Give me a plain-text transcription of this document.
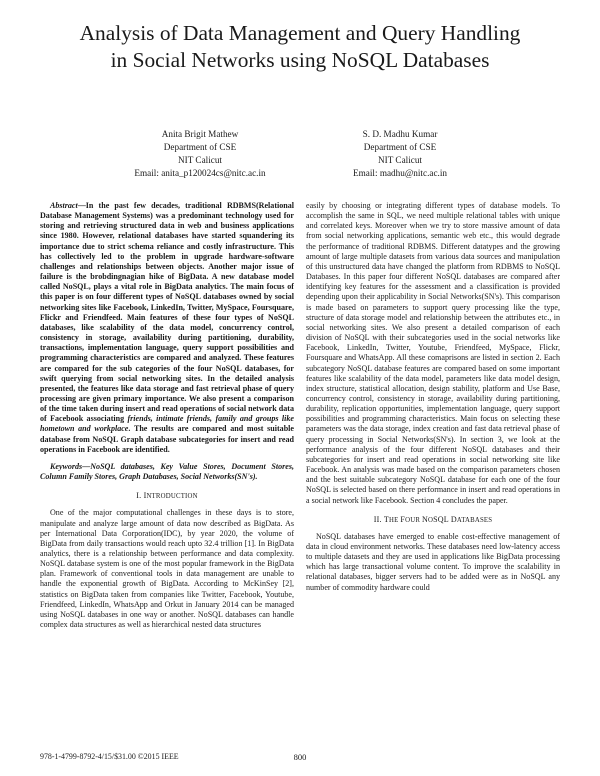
Analysis of Data Management and Query Handling
in Social Networks using NoSQL Databases
Anita Brigit Mathew
Department of CSE
NIT Calicut
Email: anita_p120024cs@nitc.ac.in
S. D. Madhu Kumar
Department of CSE
NIT Calicut
Email: madhu@nitc.ac.in

Abstract—In the past few decades, traditional RDBMS(Relational Database Management Systems) was a predominant technology used for storing and retrieving structured data in web and business applications since 1980. However, relational databases have started squandering its importance due to strict schema reliance and costly infrastructure. This has collectively led to the problem in upgrade hardware-software challenges and relationships between objects. Another major issue of failure is the brobdingnagian hike of BigData. A new database model called NoSQL, plays a vital role in BigData analytics. The main focus of this paper is on four different types of NoSQL databases owned by social networking sites like Facebook, LinkedIn, Twitter, MySpace, Foursquare, Flickr and Friendfeed. Main features of these four types of NoSQL databases, like scalability of the data model, concurrency control, consistency in storage, availability during partitioning, durability, transactions, implementation language, query support possibilities and programming characteristics are compared and analyzed. These features are compared for the sub categories of the four NoSQL databases, for swift querying from social networking sites. In the detailed analysis presented, the features like data storage and fast retrieval phase of query processing are given primary importance. We also present a comparison of the time taken during insert and read operations of social network data of Facebook associating friends, intimate friends, family and groups like hometown and workplace. The results are compared and most suitable database from NoSQL Graph database subcategories for insert and read operations in Facebook are identified.

Keywords—NoSQL databases, Key Value Stores, Document Stores, Column Family Stores, Graph Databases, Social Networks(SN's).

I. INTRODUCTION

One of the major computational challenges in these days is to store, manipulate and analyze large amount of data now described as BigData. As per International Data Corporation(IDC), by year 2020, the volume of BigData from daily transactions would reach upto 32.4 trillion [1]. In BigData analytics, there is a relationship between performance and data complexity. NoSQL database system is one of the most popular framework in the BigData plan. Framework of conventional tools in data management are unable to handle the exponential growth of BigData. According to McKinSey [2], statistics on BigData taken from companies like Twitter, Facebook, Youtube, Friendfeed, LinkedIn, WhatsApp and Orkut in January 2014 can be managed using NoSQL databases in one way or another. NoSQL databases can handle complex data structures as well as hierarchical nested data structures

easily by choosing or integrating different types of database models. To accomplish the same in SQL, we need multiple relational tables with unique and correlated keys. Moreover when we try to store massive amount of data from social networking applications, semantic web etc., this would degrade the performance of traditional RDBMS. Different datatypes and the growing amount of large multiple datasets from various data sources and manipulation of this unstructured data have changed the platform from RDBMS to NoSQL Databases. In this paper four different NoSQL databases are compared after identifying key features for the assessment and a classification is provided depending upon their applicability in Social Networks(SN's). This comparison is made based on parameters to support query processing like the type, structure of data storage model and relationship between the attributes etc., in social networking sites. We also present a detailed comparison of each division of NoSQL with their subcategories used in the social networks like Facebook, LinkedIn, Twitter, Youtube, Friendfeed, MySpace, Flickr, Foursquare and WhatsApp. All these comaprisons are listed in section 2. Each subcategory NoSQL database features are compared based on some important features like scalability of the data model, parameters like data model design, index structure, statistical allocation, design stability, platform and Use Base, concurrency control, consistency in storage, availability during partitioning, durability, replication opportunities, implementation language, query support possibilities and programming characteristics. Main focus on selecting these parameters was the data storage, index creation and fast data retrieval phase of query processing in Social Networks(SN's). In section 3, we look at the performance analysis of the four different NoSQL databases and their subcategories for insert and read operations in social networking site like Facebook. An analysis was made based on the comparison parameters chosen and the best suitable subcategory NoSQL database for each one of the four NoSQL is selected based on there performance in insert and read operations in a social network like Facebook. Section 4 concludes the paper.

II. THE FOUR NOSQL DATABASES

NoSQL databases have emerged to enable cost-effective management of data in cloud environment networks. These databases need low-latency access to multiple datasets and they are used in applications like BigData processing which has large transactional volume content. To improve the scalability in relational databases, bigger servers had to be added were as in NoSQL any number of commodity hardware could

978-1-4799-8792-4/15/$31.00 ©2015 IEEE	800
